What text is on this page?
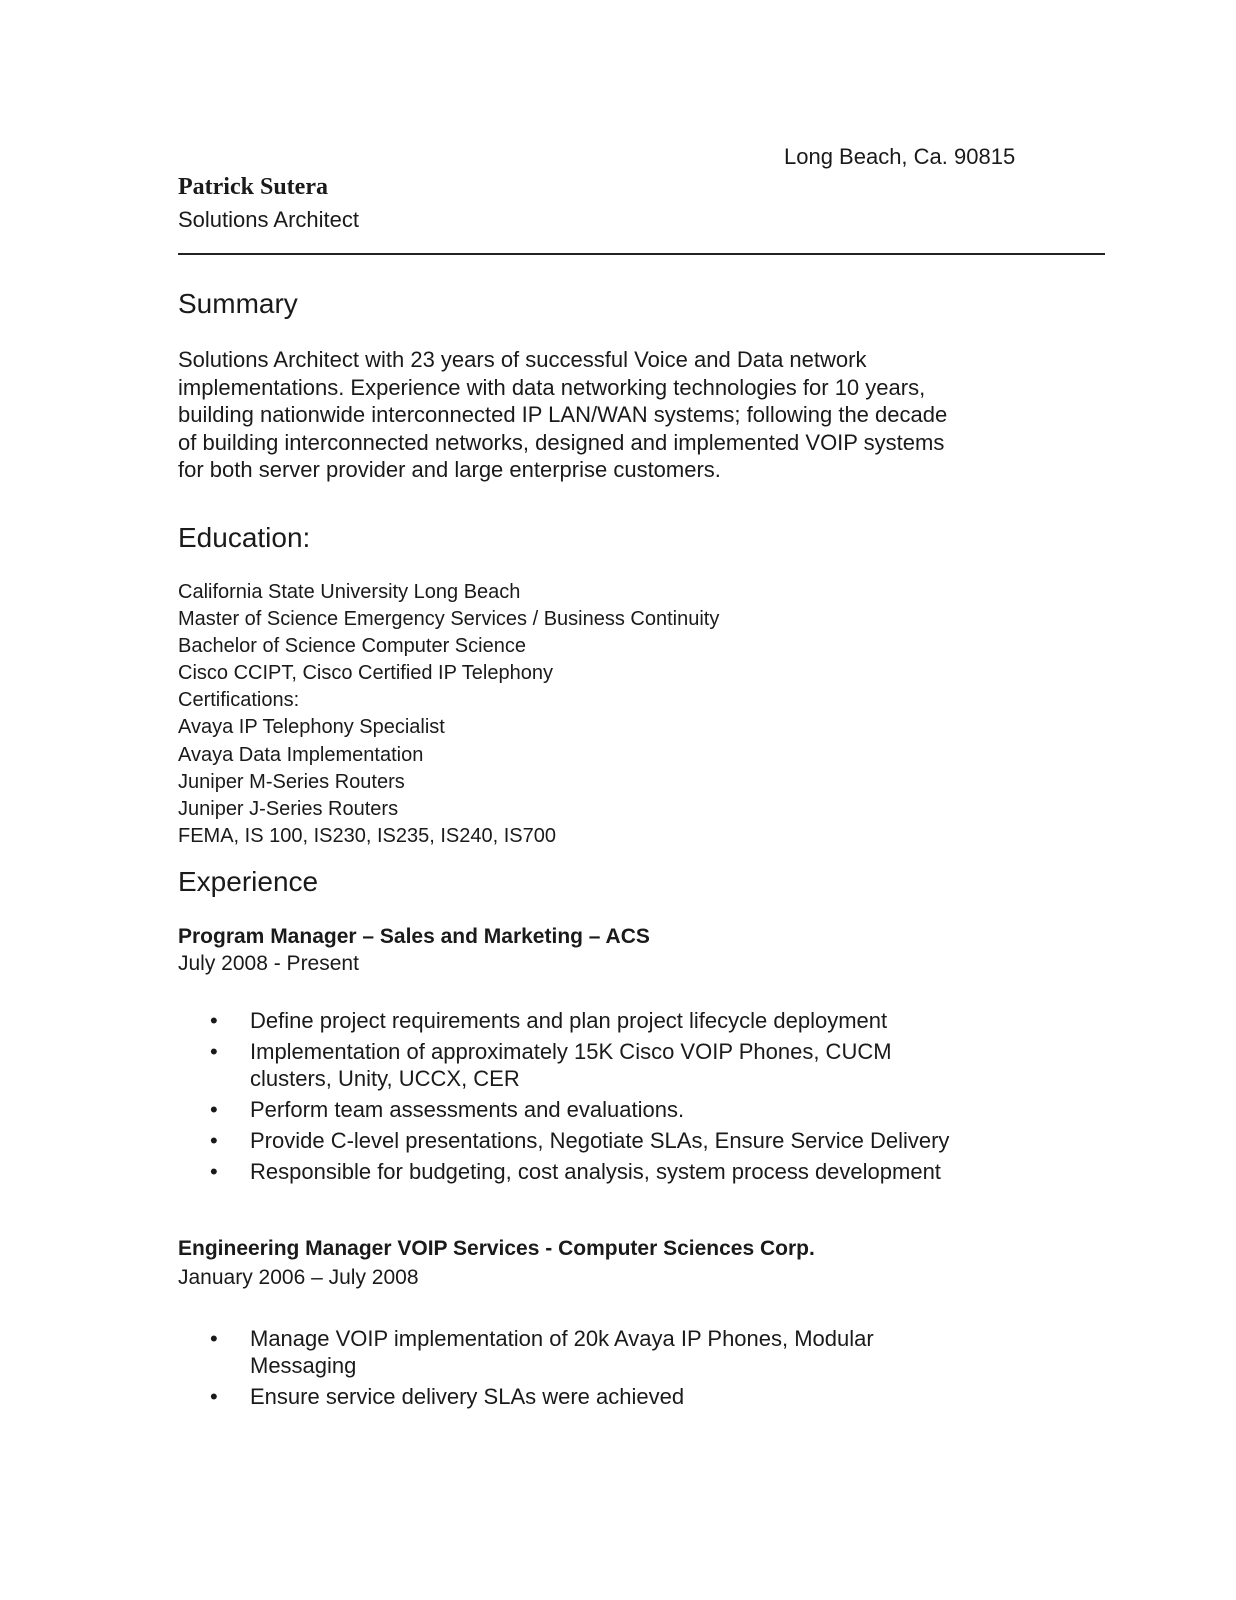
Long Beach, Ca. 90815
Patrick Sutera
Solutions Architect
Summary
Solutions Architect with 23 years of successful Voice and Data network
implementations. Experience with data networking technologies for 10 years,
building nationwide interconnected IP LAN/WAN systems; following the decade
of building interconnected networks, designed and implemented VOIP systems
for both server provider and large enterprise customers.
Education:
California State University Long Beach
Master of Science Emergency Services / Business Continuity
Bachelor of Science Computer Science
Cisco CCIPT, Cisco Certified IP Telephony
Certifications:
Avaya IP Telephony Specialist
Avaya Data Implementation
Juniper M-Series Routers
Juniper J-Series Routers
FEMA, IS 100, IS230, IS235, IS240, IS700
Experience
Program Manager – Sales and Marketing – ACS
July 2008 - Present
• Define project requirements and plan project lifecycle deployment
• Implementation of approximately 15K Cisco VOIP Phones, CUCM
clusters, Unity, UCCX, CER
• Perform team assessments and evaluations.
• Provide C-level presentations, Negotiate SLAs, Ensure Service Delivery
• Responsible for budgeting, cost analysis, system process development
Engineering Manager VOIP Services - Computer Sciences Corp.
January 2006 – July 2008
• Manage VOIP implementation of 20k Avaya IP Phones, Modular
Messaging
• Ensure service delivery SLAs were achieved
